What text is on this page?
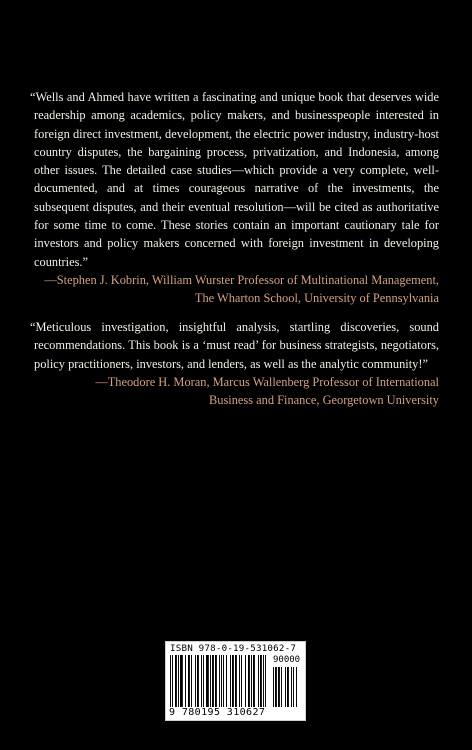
“Wells and Ahmed have written a fascinating and unique book that deserves wide readership among academics, policy makers, and businesspeople interested in foreign direct investment, development, the electric power industry, industry-host country disputes, the bargaining process, privatization, and Indonesia, among other issues. The detailed case studies—which provide a very complete, well-documented, and at times courageous narrative of the investments, the subsequent disputes, and their eventual resolution—will be cited as authoritative for some time to come. These stories contain an important cautionary tale for investors and policy makers concerned with foreign investment in developing countries.”

—Stephen J. Kobrin, William Wurster Professor of Multinational Management,
The Wharton School, University of Pennsylvania

“Meticulous investigation, insightful analysis, startling discoveries, sound recommendations. This book is a ‘must read’ for business strategists, negotiators, policy practitioners, investors, and lenders, as well as the analytic community!”

—Theodore H. Moran, Marcus Wallenberg Professor of International
Business and Finance, Georgetown University

ISBN 978-0-19-531062-7
90000
9 780195 310627
